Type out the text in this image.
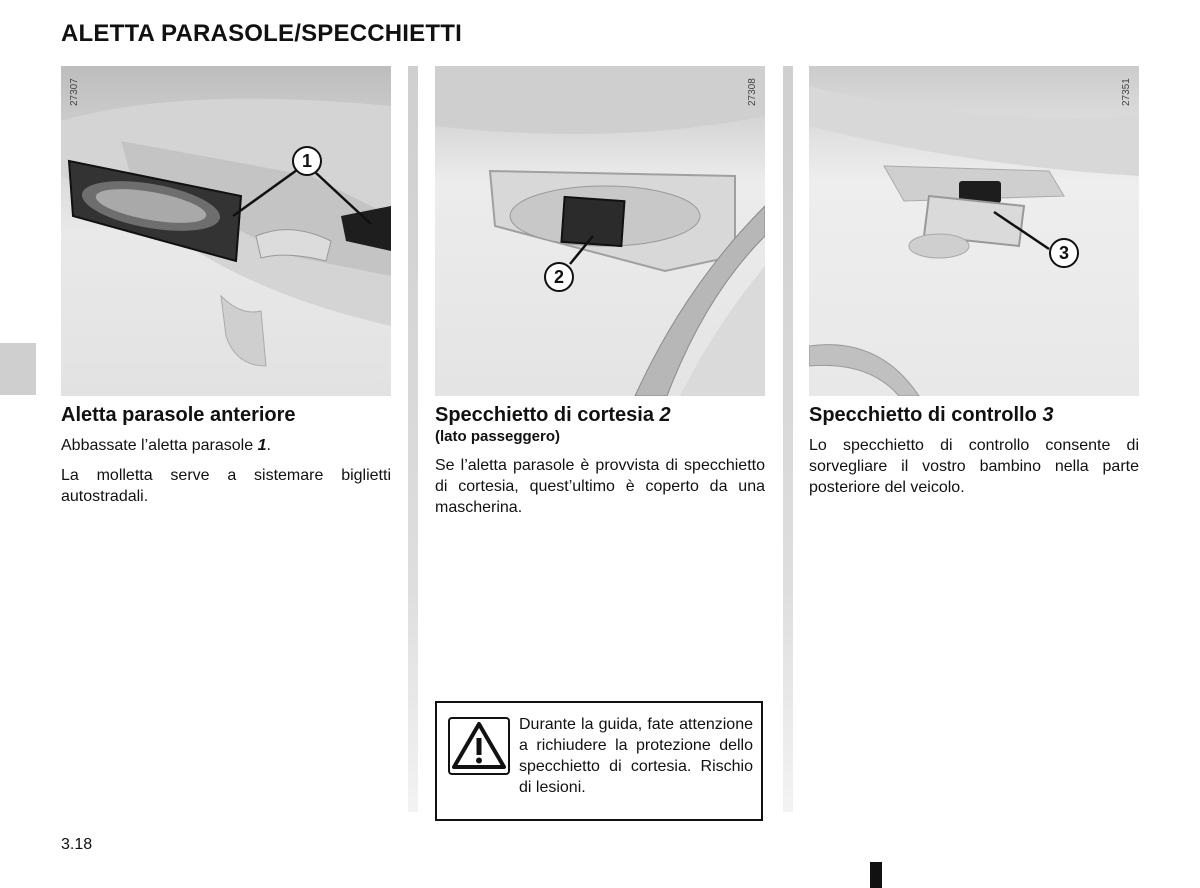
ALETTA PARASOLE/SPECCHIETTI
27307
1
27308
2
27351
3
Aletta parasole anteriore

Abbassate l’aletta parasole 1.

La molletta serve a sistemare biglietti autostradali.

Specchietto di cortesia 2
(lato passeggero)

Se l’aletta parasole è provvista di specchietto di cortesia, quest’ultimo è coperto da una mascherina.

Specchietto di controllo 3

Lo specchietto di controllo consente di sorvegliare il vostro bambino nella parte posteriore del veicolo.

Durante la guida, fate attenzione a richiudere la protezione dello specchietto di cortesia. Rischio di lesioni.
3.18
